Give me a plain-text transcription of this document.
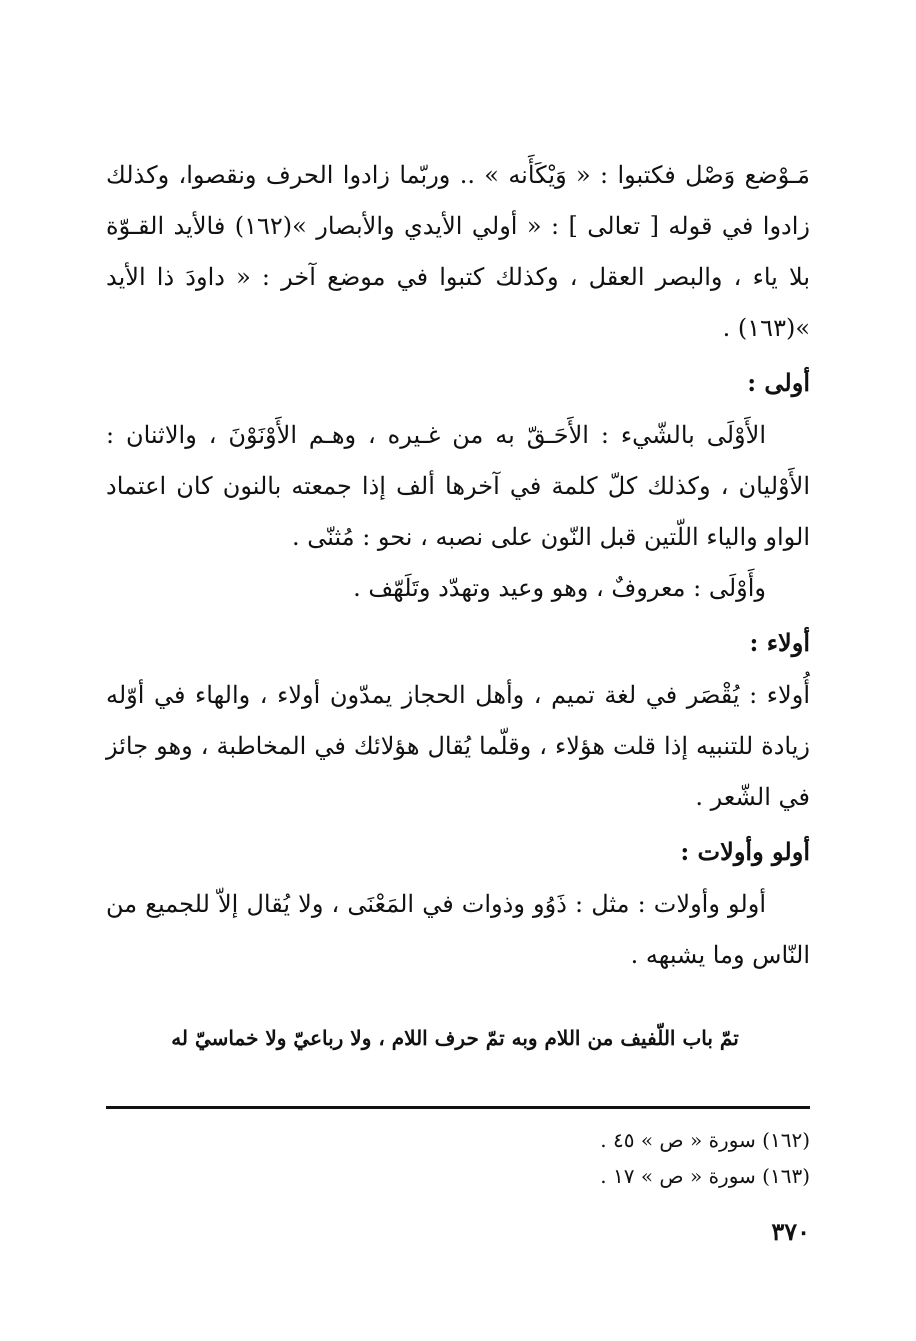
مَـوْضع وَصْل فكتبوا : « وَيْكَأَنه » .. وربّما زادوا الحرف ونقصوا، وكذلك زادوا في قوله [ تعالى ] : « أولي الأيدي والأبصار »(١٦٢) فالأيد القـوّة بلا ياء ، والبصر العقل ، وكذلك كتبوا في موضع آخر : « داودَ ذا الأيد »(١٦٣) .

أولى :

الأَوْلَى بالشّيء : الأَحَـقّ به من غـيره ، وهـم الأَوْنَوْنَ ، والاثنان : الأَوْليان ، وكذلك كلّ كلمة في آخرها ألف إذا جمعته بالنون كان اعتماد الواو والياء اللّتين قبل النّون على نصبه ، نحو : مُثنّى .

وأَوْلَى : معروفٌ ، وهو وعيد وتهدّد وتَلَهّف .

أولاء :

أُولاء : يُقْصَر في لغة تميم ، وأهل الحجاز يمدّون أولاء ، والهاء في أوّله زيادة للتنبيه إذا قلت هؤلاء ، وقلّما يُقال هؤلائك في المخاطبة ، وهو جائز في الشّعر .

أولو وأولات :

أولو وأولات : مثل : ذَوُو وذوات في المَعْنَى ، ولا يُقال إلاّ للجميع من النّاس وما يشبهه .

تمّ باب اللّفيف من اللام وبه تمّ حرف اللام ، ولا رباعيّ ولا خماسيّ له

(١٦٢) سورة « ص » ٤٥ .

(١٦٣) سورة « ص » ١٧ .

٣٧٠
